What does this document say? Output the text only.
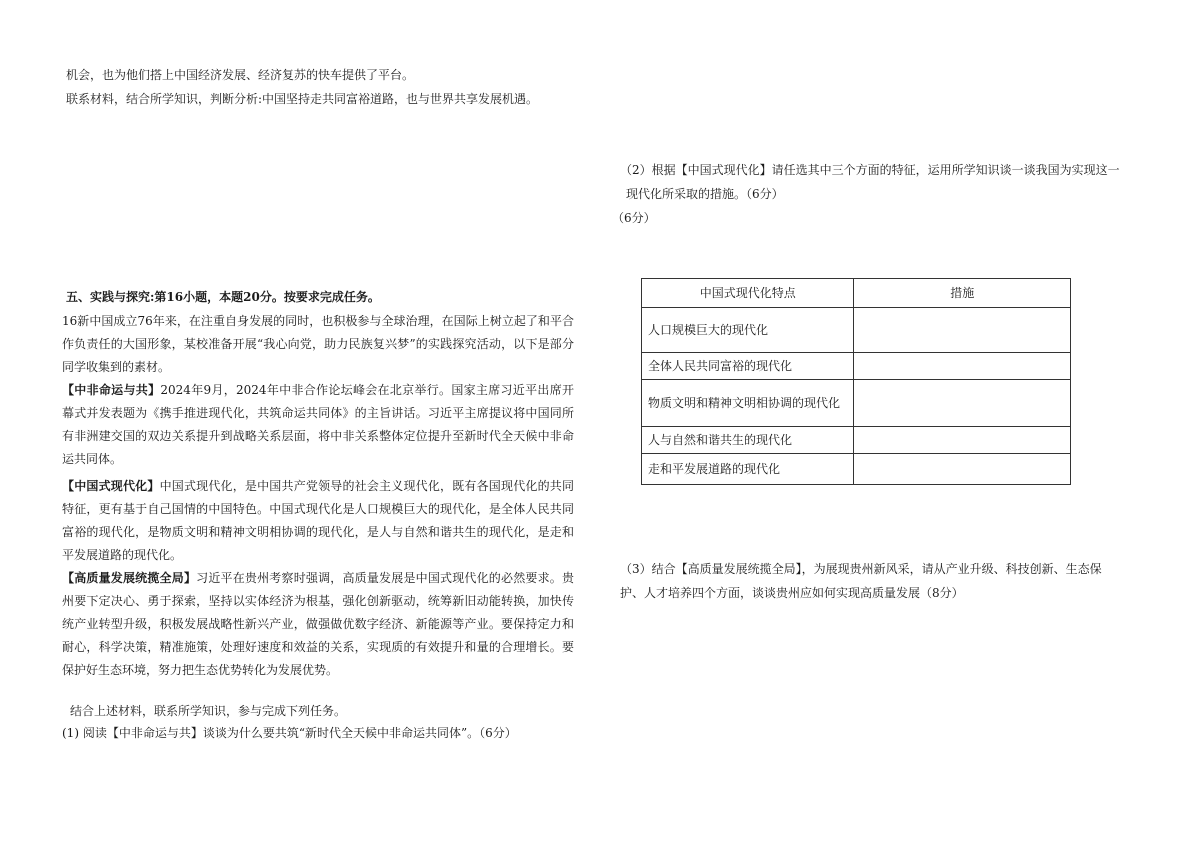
机会，也为他们搭上中国经济发展、经济复苏的快车提供了平台。
联系材料，结合所学知识，判断分析:中国坚持走共同富裕道路，也与世界共享发展机遇。
五、实践与探究:第16小题，本题20分。按要求完成任务。

16新中国成立76年来，在注重自身发展的同时，也积极参与全球治理，在国际上树立起了和平合作负责任的大国形象，某校准备开展“我心向党，助力民族复兴梦”的实践探究活动，以下是部分同学收集到的素材。

【中非命运与共】2024年9月，2024年中非合作论坛峰会在北京举行。国家主席习近平出席开幕式并发表题为《携手推进现代化，共筑命运共同体》的主旨讲话。习近平主席提议将中国同所有非洲建交国的双边关系提升到战略关系层面，将中非关系整体定位提升至新时代全天候中非命运共同体。

【中国式现代化】中国式现代化，是中国共产党领导的社会主义现代化，既有各国现代化的共同特征，更有基于自己国情的中国特色。中国式现代化是人口规模巨大的现代化，是全体人民共同富裕的现代化，是物质文明和精神文明相协调的现代化，是人与自然和谐共生的现代化，是走和平发展道路的现代化。

【高质量发展统揽全局】习近平在贵州考察时强调，高质量发展是中国式现代化的必然要求。贵州要下定决心、勇于探索，坚持以实体经济为根基，强化创新驱动，统筹新旧动能转换，加快传统产业转型升级，积极发展战略性新兴产业，做强做优数字经济、新能源等产业。要保持定力和耐心，科学决策，精准施策，处理好速度和效益的关系，实现质的有效提升和量的合理增长。要保护好生态环境，努力把生态优势转化为发展优势。

结合上述材料，联系所学知识，参与完成下列任务。
(1) 阅读【中非命运与共】谈谈为什么要共筑“新时代全天候中非命运共同体”。（6分）
（2）根据【中国式现代化】请任选其中三个方面的特征，运用所学知识谈一谈我国为实现这一
现代化所采取的措施。（6分）
（6分）
中国式现代化特点	措施
人口规模巨大的现代化	
全体人民共同富裕的现代化	
物质文明和精神文明相协调的现代化	
人与自然和谐共生的现代化	
走和平发展道路的现代化	
（3）结合【高质量发展统揽全局】，为展现贵州新风采，请从产业升级、科技创新、生态保
护、人才培养四个方面，谈谈贵州应如何实现高质量发展（8分）
